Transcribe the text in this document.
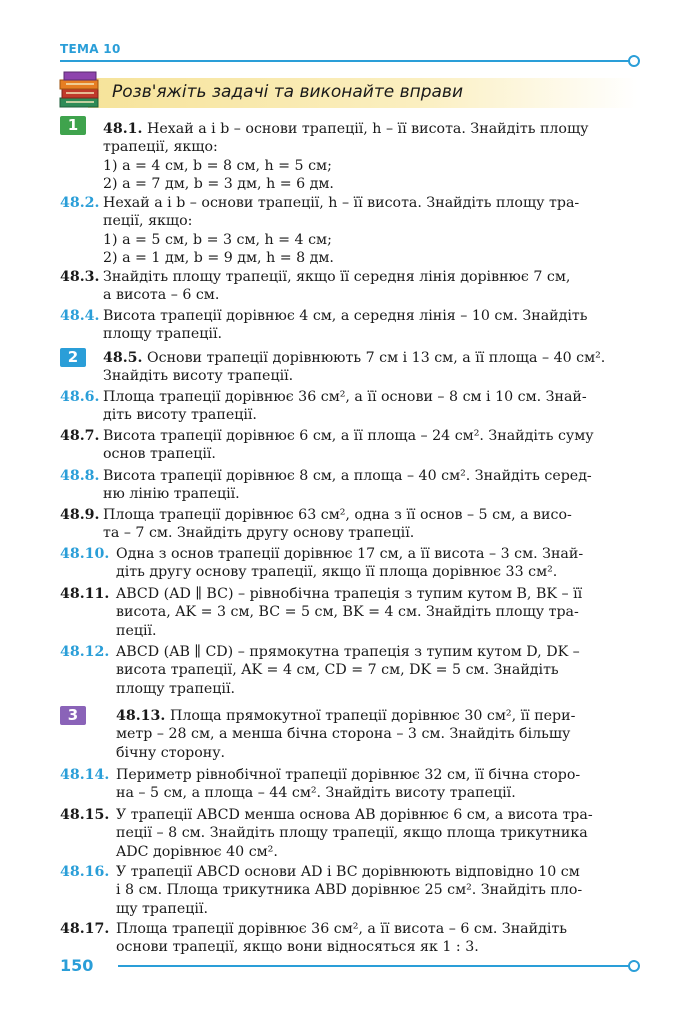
ТЕМА 10
Розв'яжіть задачі та виконайте вправи
1
2
3
48.1. Нехай a і b – основи трапеції, h – її висота. Знайдіть площу
трапеції, якщо:
1) a = 4 см, b = 8 см, h = 5 см;
2) a = 7 дм, b = 3 дм, h = 6 дм.
48.2. Нехай a і b – основи трапеції, h – її висота. Знайдіть площу тра-
пеції, якщо:
1) a = 5 см, b = 3 см, h = 4 см;
2) a = 1 дм, b = 9 дм, h = 8 дм.
48.3. Знайдіть площу трапеції, якщо її середня лінія дорівнює 7 см,
а висота – 6 см.
48.4. Висота трапеції дорівнює 4 см, а середня лінія – 10 см. Знайдіть
площу трапеції.
48.5. Основи трапеції дорівнюють 7 см і 13 см, а її площа – 40 см².
Знайдіть висоту трапеції.
48.6. Площа трапеції дорівнює 36 см², а її основи – 8 см і 10 см. Знай-
діть висоту трапеції.
48.7. Висота трапеції дорівнює 6 см, а її площа – 24 см². Знайдіть суму
основ трапеції.
48.8. Висота трапеції дорівнює 8 см, а площа – 40 см². Знайдіть серед-
ню лінію трапеції.
48.9. Площа трапеції дорівнює 63 см², одна з її основ – 5 см, а висо-
та – 7 см. Знайдіть другу основу трапеції.
48.10. Одна з основ трапеції дорівнює 17 см, а її висота – 3 см. Знай-
діть другу основу трапеції, якщо її площа дорівнює 33 см².
48.11. ABCD (AD ∥ BC) – рівнобічна трапеція з тупим кутом B, BK – її
висота, AK = 3 см, BC = 5 см, BK = 4 см. Знайдіть площу тра-
пеції.
48.12. ABCD (AB ∥ CD) – прямокутна трапеція з тупим кутом D, DK –
висота трапеції, AK = 4 см, CD = 7 см, DK = 5 см. Знайдіть
площу трапеції.
48.13. Площа прямокутної трапеції дорівнює 30 см², її пери-
метр – 28 см, а менша бічна сторона – 3 см. Знайдіть більшу
бічну сторону.
48.14. Периметр рівнобічної трапеції дорівнює 32 см, її бічна сторо-
на – 5 см, а площа – 44 см². Знайдіть висоту трапеції.
48.15. У трапеції ABCD менша основа AB дорівнює 6 см, а висота тра-
пеції – 8 см. Знайдіть площу трапеції, якщо площа трикутника
ADC дорівнює 40 см².
48.16. У трапеції ABCD основи AD і BC дорівнюють відповідно 10 см
і 8 см. Площа трикутника ABD дорівнює 25 см². Знайдіть пло-
щу трапеції.
48.17. Площа трапеції дорівнює 36 см², а її висота – 6 см. Знайдіть
основи трапеції, якщо вони відносяться як 1 : 3.
150
